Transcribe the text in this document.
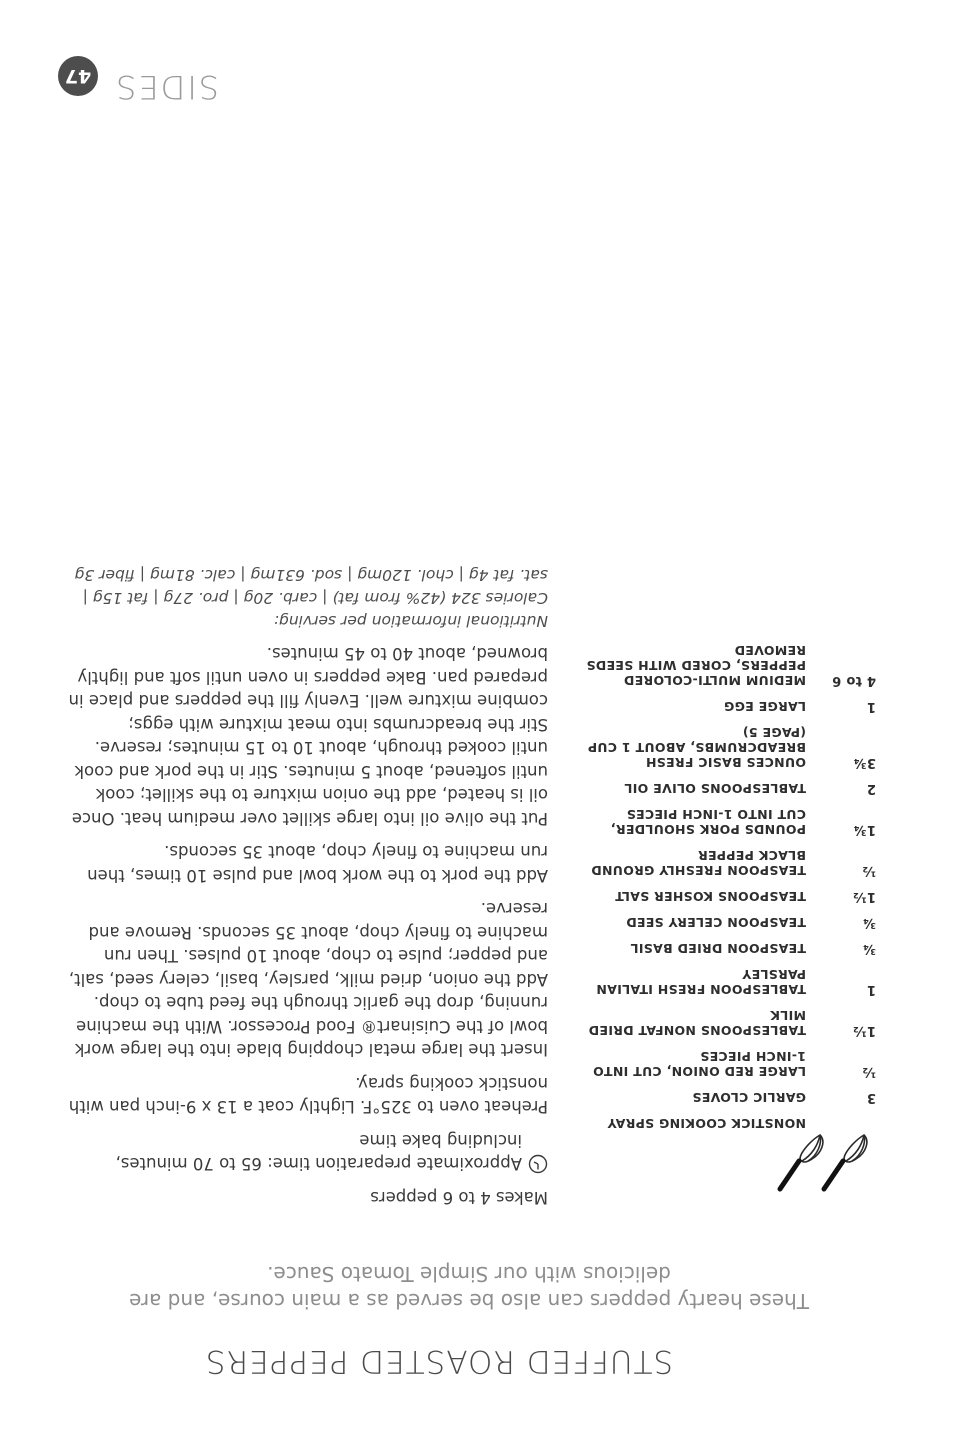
SIDES
47
STUFFED ROASTED PEPPERS
These hearty peppers can also be served as a main course, and are delicious with our Simple Tomato Sauce.
NONSTICK COOKING SPRAY
3
GARLIC CLOVES
½
LARGE RED ONION, CUT INTO 1-INCH PIECES
1½
TABLESPOONS NONFAT DRIED MILK
1
TABLESPOON FRESH ITALIAN PARSLEY
¾
TEASPOON DRIED BASIL
¾
TEASPOON CELERY SEED
1½
TEASPOONS KOSHER SALT
½
TEASPOON FRESHLY GROUND BLACK PEPPER
1¾
POUNDS PORK SHOULDER, CUT INTO 1-INCH PIECES
2
TABLESPOONS OLIVE OIL
3¾
OUNCES BASIC FRESH BREADCRUMBS, ABOUT 1 CUP (PAGE 5)
1
LARGE EGG
4 to 6
MEDIUM MULTI-COLORED PEPPERS, CORED WITH SEEDS REMOVED

Makes 4 to 6 peppers

Approximate preparation time: 65 to 70 minutes, including bake time

Preheat oven to 325°F. Lightly coat a 13 x 9-inch pan with nonstick cooking spray.

Insert the large metal chopping blade into the large work bowl of the Cuisinart® Food Processor. With the machine running, drop the garlic through the feed tube to chop. Add the onion, dried milk, parsley, basil, celery seed, salt, and pepper; pulse to chop, about 10 pulses. Then run machine to finely chop, about 35 seconds. Remove and reserve.

Add the pork to the work bowl and pulse 10 times, then run machine to finely chop, about 35 seconds.

Put the olive oil into large skillet over medium heat. Once oil is heated, add the onion mixture to the skillet; cook until softened, about 5 minutes. Stir in the pork and cook until cooked through, about 10 to 15 minutes; reserve. Stir the breadcrumbs into meat mixture with eggs; combine mixture well. Evenly fill the peppers and place in prepared pan. Bake peppers in oven until soft and lightly browned, about 40 to 45 minutes.

Nutritional information per serving:
Calories 324 (42% from fat) | carb. 20g | pro. 27g | fat 15g |
sat. fat 4g | chol. 120mg | sod. 631mg | calc. 81mg | fiber 3g
